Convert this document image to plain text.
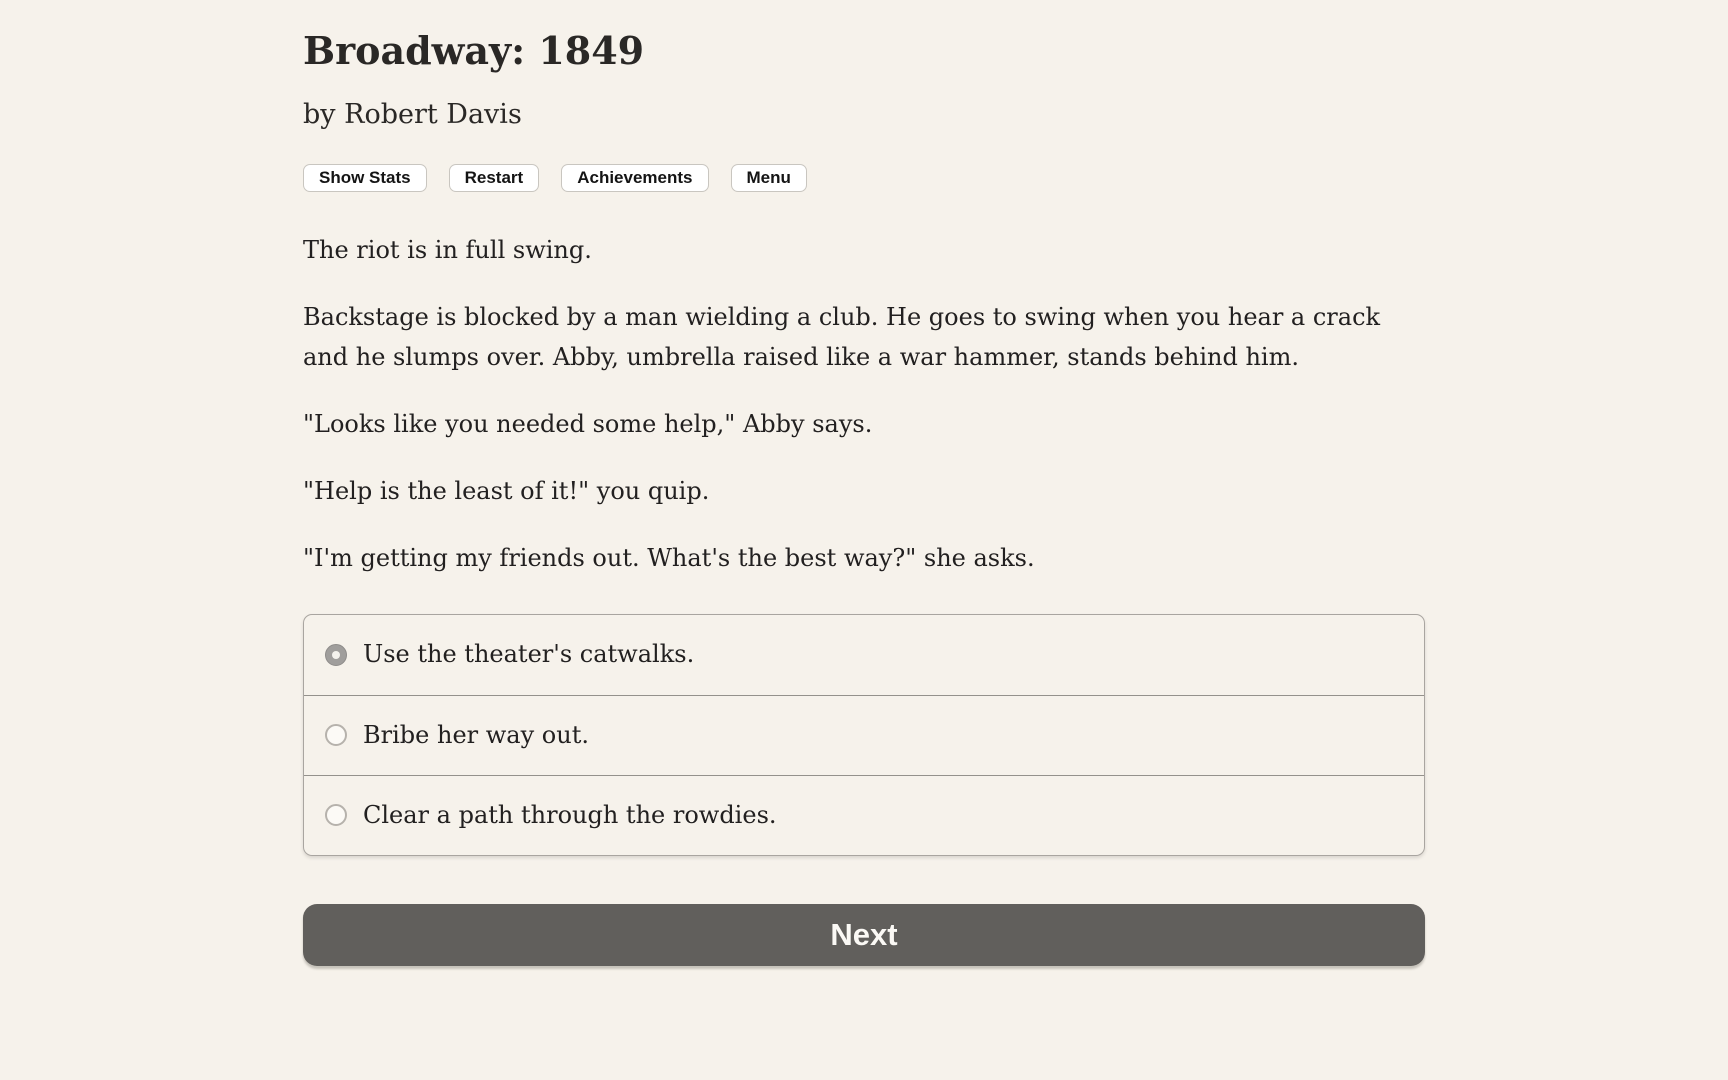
Broadway: 1849
by Robert Davis
Show Stats	Restart	Achievements	Menu

The riot is in full swing.

Backstage is blocked by a man wielding a club. He goes to swing when you hear a crack and he slumps over. Abby, umbrella raised like a war hammer, stands behind him.

"Looks like you needed some help," Abby says.

"Help is the least of it!" you quip.

"I'm getting my friends out. What's the best way?" she asks.

Use the theater's catwalks.
Bribe her way out.
Clear a path through the rowdies.
Next
